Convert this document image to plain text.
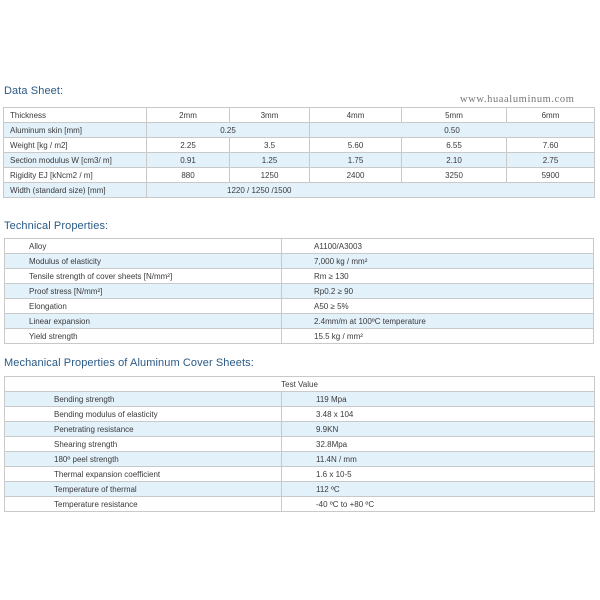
Data Sheet:
www.huaaluminum.com
Thickness	2mm	3mm	4mm	5mm	6mm
Aluminum skin [mm]	0.25		0.50		
Weight [kg / m2]	2.25	3.5	5.60	6.55	7.60
Section modulus W [cm3/ m]	0.91	1.25	1.75	2.10	2.75
Rigidity EJ [kNcm2 / m]	880	1250	2400	3250	5900
Width (standard size) [mm]	1220 / 1250 /1500				
Technical Properties:
Alloy	A1100/A3003
Modulus of elasticity	7,000 kg / mm²
Tensile strength of cover sheets [N/mm²]	Rm ≥ 130
Proof stress [N/mm²]	Rp0.2 ≥ 90
Elongation	A50 ≥ 5%
Linear expansion	2.4mm/m at 100ºC temperature
Yield strength	15.5 kg / mm²
Mechanical Properties of Aluminum Cover Sheets:
Test Value	
Bending strength	119 Mpa
Bending modulus of elasticity	3.48 x 104
Penetrating resistance	9.9KN
Shearing strength	32.8Mpa
180º peel strength	11.4N / mm
Thermal expansion coefficient	1.6 x 10-5
Temperature of thermal	112 ºC
Temperature resistance	-40 ºC to +80 ºC
